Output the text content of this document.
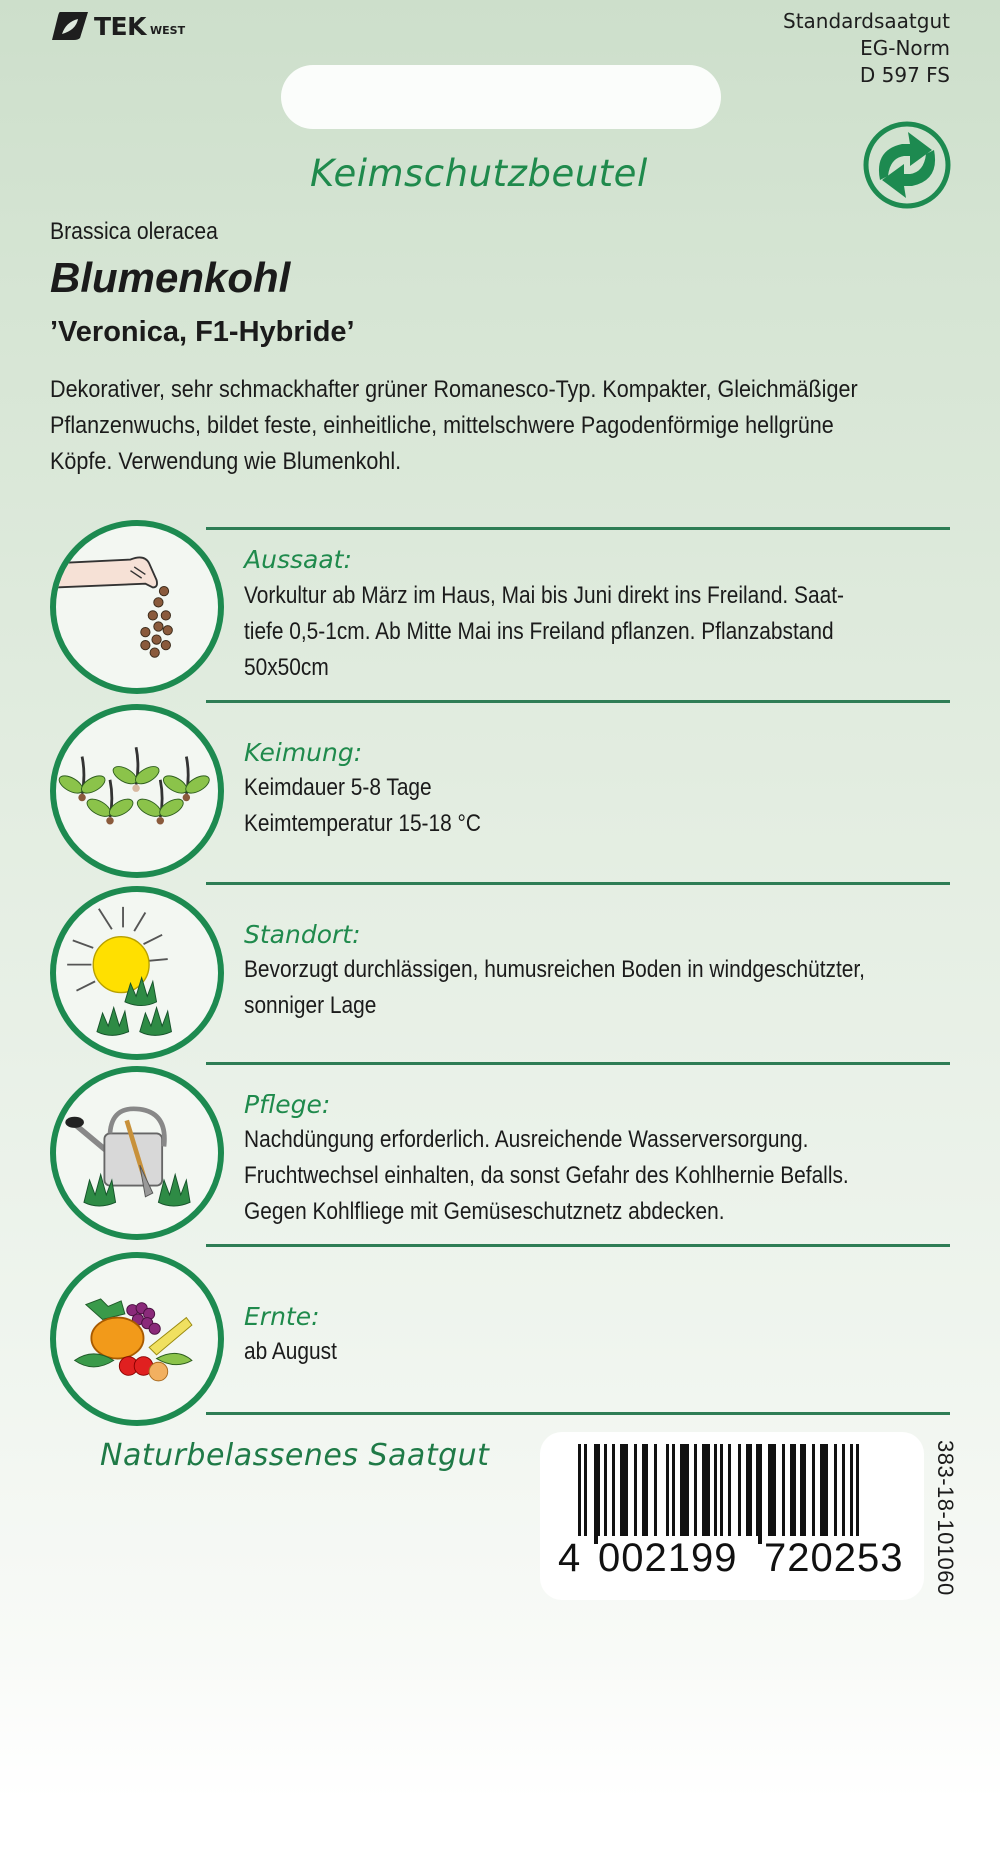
TEK WEST	Standardsaatgut
EG-Norm
D 597 FS
Keimschutzbeutel
Brassica oleracea
Blumenkohl
’Veronica, F1-Hybride’
Dekorativer, sehr schmackhafter grüner Romanesco-Typ. Kompakter, Gleichmäßiger
Pflanzenwuchs, bildet feste, einheitliche, mittelschwere Pagodenförmige hellgrüne
Köpfe. Verwendung wie Blumenkohl.
Aussaat:
Vorkultur ab März im Haus, Mai bis Juni direkt ins Freiland. Saat-
tiefe 0,5-1cm. Ab Mitte Mai ins Freiland pflanzen. Pflanzabstand
50x50cm
Keimung:
Keimdauer 5-8 Tage
Keimtemperatur 15-18 °C
Standort:
Bevorzugt durchlässigen, humusreichen Boden in windgeschützter,
sonniger Lage
Pflege:
Nachdüngung erforderlich. Ausreichende Wasserversorgung.
Fruchtwechsel einhalten, da sonst Gefahr des Kohlhernie Befalls.
Gegen Kohlfliege mit Gemüseschutznetz abdecken.
Ernte:
ab August
Naturbelassenes Saatgut
4 002199 720253 383-18-101060
